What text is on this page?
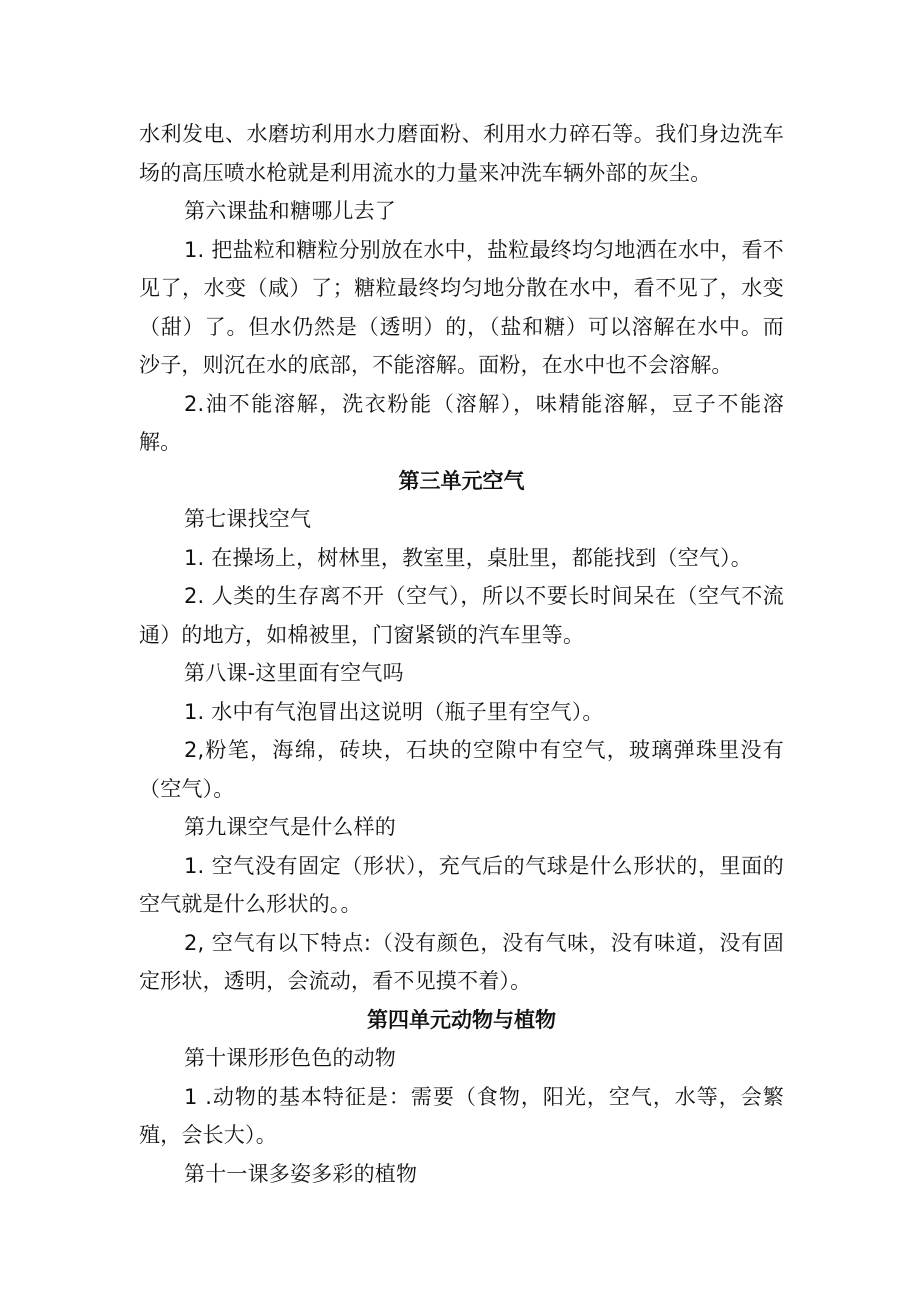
水利发电、水磨坊利用水力磨面粉、利用水力碎石等。我们身边洗车场的高压喷水枪就是利用流水的力量来冲洗车辆外部的灰尘。

第六课盐和糖哪儿去了

1. 把盐粒和糖粒分别放在水中，盐粒最终均匀地洒在水中，看不见了，水变（咸）了；糖粒最终均匀地分散在水中，看不见了，水变（甜）了。但水仍然是（透明）的，（盐和糖）可以溶解在水中。而沙子，则沉在水的底部，不能溶解。面粉，在水中也不会溶解。

2.油不能溶解，洗衣粉能（溶解），味精能溶解，豆子不能溶解。

第三单元空气

第七课找空气

1. 在操场上，树林里，教室里，桌肚里，都能找到（空气）。

2. 人类的生存离不开（空气），所以不要长时间呆在（空气不流通）的地方，如棉被里，门窗紧锁的汽车里等。

第八课-这里面有空气吗

1. 水中有气泡冒出这说明（瓶子里有空气）。

2,粉笔，海绵，砖块，石块的空隙中有空气，玻璃弹珠里没有（空气）。

第九课空气是什么样的

1. 空气没有固定（形状），充气后的气球是什么形状的，里面的空气就是什么形状的。。

2, 空气有以下特点:（没有颜色，没有气味，没有味道，没有固定形状，透明，会流动，看不见摸不着）。

第四单元动物与植物

第十课形形色色的动物

1 .动物的基本特征是：需要（食物，阳光，空气，水等，会繁殖，会长大）。

第十一课多姿多彩的植物
